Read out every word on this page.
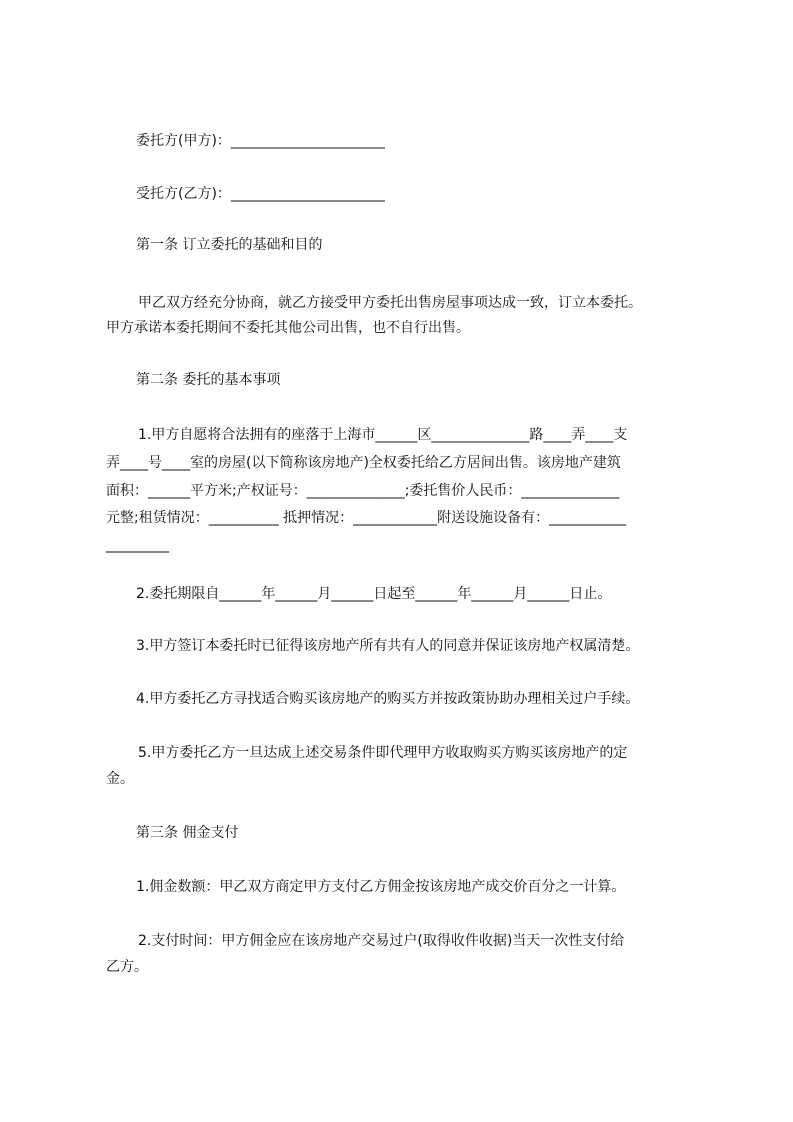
委托方(甲方)：______________________

受托方(乙方)：______________________

第一条 订立委托的基础和目的

甲乙双方经充分协商，就乙方接受甲方委托出售房屋事项达成一致，订立本委托。

甲方承诺本委托期间不委托其他公司出售，也不自行出售。

第二条 委托的基本事项

1.甲方自愿将合法拥有的座落于上海市______区______________路____弄____支

弄____号____室的房屋(以下简称该房地产)全权委托给乙方居间出售。该房地产建筑

面积：______平方米;产权证号：______________;委托售价人民币：______________

元整;租赁情况：__________ 抵押情况：____________附送设施设备有：___________

_________

2.委托期限自______年______月______日起至______年______月______日止。

3.甲方签订本委托时已征得该房地产所有共有人的同意并保证该房地产权属清楚。

4.甲方委托乙方寻找适合购买该房地产的购买方并按政策协助办理相关过户手续。

5.甲方委托乙方一旦达成上述交易条件即代理甲方收取购买方购买该房地产的定

金。

第三条 佣金支付

1.佣金数额：甲乙双方商定甲方支付乙方佣金按该房地产成交价百分之一计算。

2.支付时间：甲方佣金应在该房地产交易过户(取得收件收据)当天一次性支付给

乙方。
